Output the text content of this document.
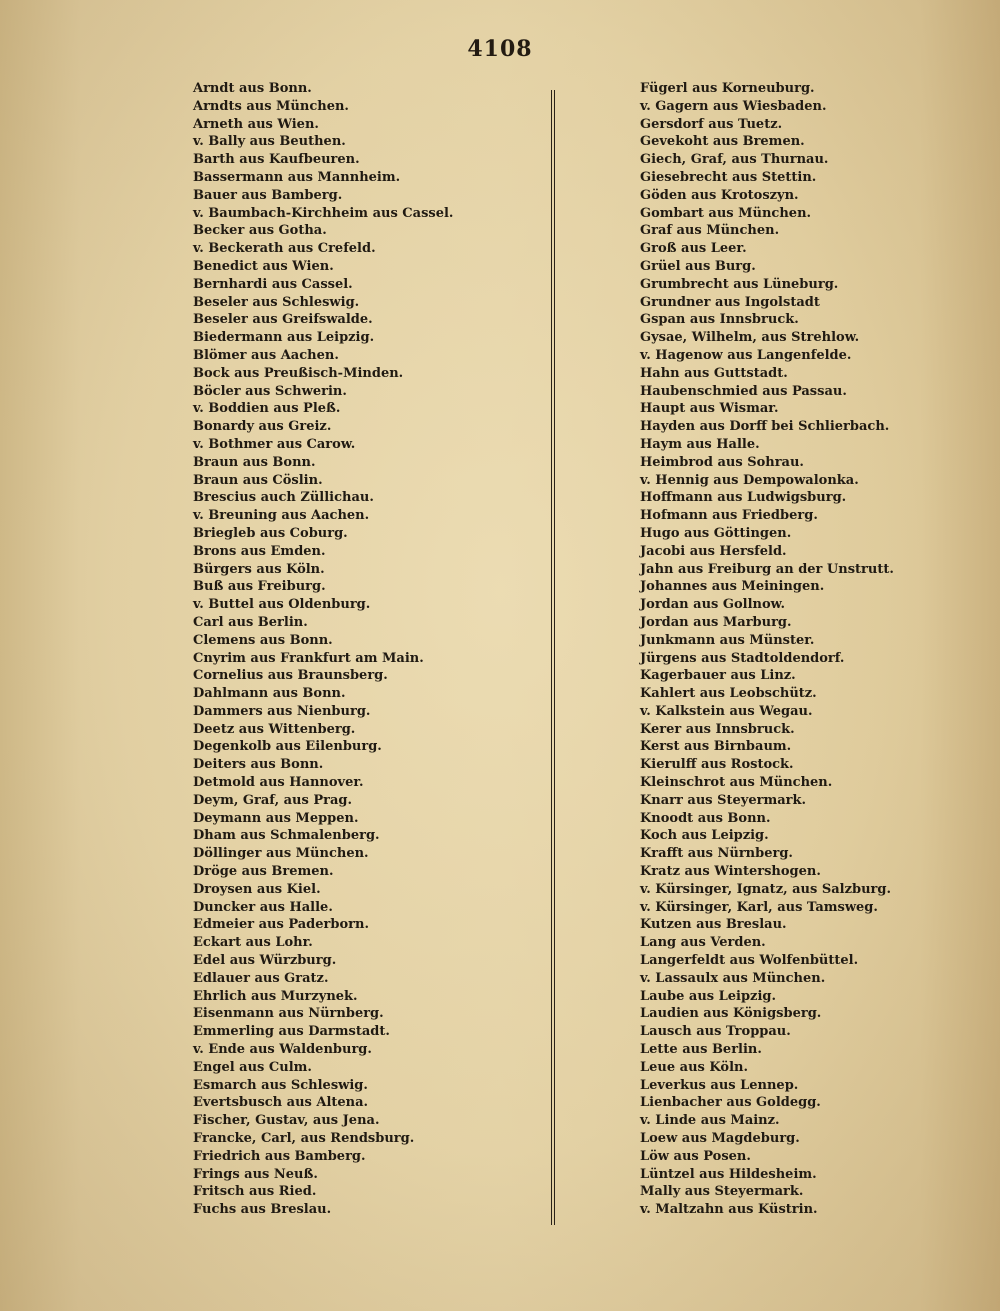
4108
Arndt aus Bonn.
Arndts aus München.
Arneth aus Wien.
v. Bally aus Beuthen.
Barth aus Kaufbeuren.
Bassermann aus Mannheim.
Bauer aus Bamberg.
v. Baumbach-Kirchheim aus Cassel.
Becker aus Gotha.
v. Beckerath aus Crefeld.
Benedict aus Wien.
Bernhardi aus Cassel.
Beseler aus Schleswig.
Beseler aus Greifswalde.
Biedermann aus Leipzig.
Blömer aus Aachen.
Bock aus Preußisch-Minden.
Böcler aus Schwerin.
v. Boddien aus Pleß.
Bonardy aus Greiz.
v. Bothmer aus Carow.
Braun aus Bonn.
Braun aus Cöslin.
Brescius auch Züllichau.
v. Breuning aus Aachen.
Briegleb aus Coburg.
Brons aus Emden.
Bürgers aus Köln.
Buß aus Freiburg.
v. Buttel aus Oldenburg.
Carl aus Berlin.
Clemens aus Bonn.
Cnyrim aus Frankfurt am Main.
Cornelius aus Braunsberg.
Dahlmann aus Bonn.
Dammers aus Nienburg.
Deetz aus Wittenberg.
Degenkolb aus Eilenburg.
Deiters aus Bonn.
Detmold aus Hannover.
Deym, Graf, aus Prag.
Deymann aus Meppen.
Dham aus Schmalenberg.
Döllinger aus München.
Dröge aus Bremen.
Droysen aus Kiel.
Duncker aus Halle.
Edmeier aus Paderborn.
Eckart aus Lohr.
Edel aus Würzburg.
Edlauer aus Gratz.
Ehrlich aus Murzynek.
Eisenmann aus Nürnberg.
Emmerling aus Darmstadt.
v. Ende aus Waldenburg.
Engel aus Culm.
Esmarch aus Schleswig.
Evertsbusch aus Altena.
Fischer, Gustav, aus Jena.
Francke, Carl, aus Rendsburg.
Friedrich aus Bamberg.
Frings aus Neuß.
Fritsch aus Ried.
Fuchs aus Breslau.
Fügerl aus Korneuburg.
v. Gagern aus Wiesbaden.
Gersdorf aus Tuetz.
Gevekoht aus Bremen.
Giech, Graf, aus Thurnau.
Giesebrecht aus Stettin.
Göden aus Krotoszyn.
Gombart aus München.
Graf aus München.
Groß aus Leer.
Grüel aus Burg.
Grumbrecht aus Lüneburg.
Grundner aus Ingolstadt
Gspan aus Innsbruck.
Gysae, Wilhelm, aus Strehlow.
v. Hagenow aus Langenfelde.
Hahn aus Guttstadt.
Haubenschmied aus Passau.
Haupt aus Wismar.
Hayden aus Dorff bei Schlierbach.
Haym aus Halle.
Heimbrod aus Sohrau.
v. Hennig aus Dempowalonka.
Hoffmann aus Ludwigsburg.
Hofmann aus Friedberg.
Hugo aus Göttingen.
Jacobi aus Hersfeld.
Jahn aus Freiburg an der Unstrutt.
Johannes aus Meiningen.
Jordan aus Gollnow.
Jordan aus Marburg.
Junkmann aus Münster.
Jürgens aus Stadtoldendorf.
Kagerbauer aus Linz.
Kahlert aus Leobschütz.
v. Kalkstein aus Wegau.
Kerer aus Innsbruck.
Kerst aus Birnbaum.
Kierulff aus Rostock.
Kleinschrot aus München.
Knarr aus Steyermark.
Knoodt aus Bonn.
Koch aus Leipzig.
Krafft aus Nürnberg.
Kratz aus Wintershogen.
v. Kürsinger, Ignatz, aus Salzburg.
v. Kürsinger, Karl, aus Tamsweg.
Kutzen aus Breslau.
Lang aus Verden.
Langerfeldt aus Wolfenbüttel.
v. Lassaulx aus München.
Laube aus Leipzig.
Laudien aus Königsberg.
Lausch aus Troppau.
Lette aus Berlin.
Leue aus Köln.
Leverkus aus Lennep.
Lienbacher aus Goldegg.
v. Linde aus Mainz.
Loew aus Magdeburg.
Löw aus Posen.
Lüntzel aus Hildesheim.
Mally aus Steyermark.
v. Maltzahn aus Küstrin.
